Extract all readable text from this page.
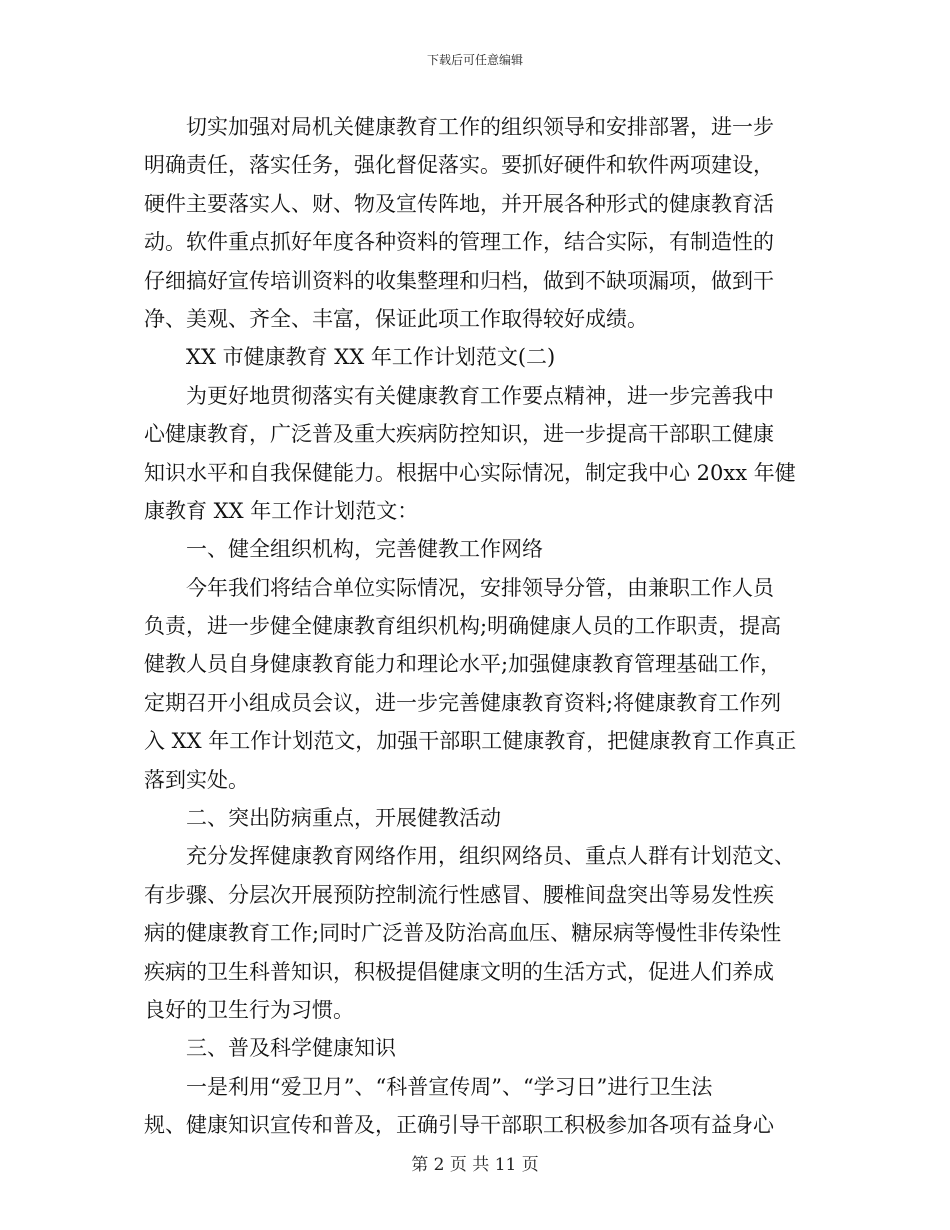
下载后可任意编辑
切实加强对局机关健康教育工作的组织领导和安排部署，进一步
明确责任，落实任务，强化督促落实。要抓好硬件和软件两项建设，
硬件主要落实人、财、物及宣传阵地，并开展各种形式的健康教育活
动。软件重点抓好年度各种资料的管理工作，结合实际，有制造性的
仔细搞好宣传培训资料的收集整理和归档，做到不缺项漏项，做到干
净、美观、齐全、丰富，保证此项工作取得较好成绩。
XX 市健康教育 XX 年工作计划范文(二)
为更好地贯彻落实有关健康教育工作要点精神，进一步完善我中
心健康教育，广泛普及重大疾病防控知识，进一步提高干部职工健康
知识水平和自我保健能力。根据中心实际情况，制定我中心 20xx 年健
康教育 XX 年工作计划范文：
一、健全组织机构，完善健教工作网络
今年我们将结合单位实际情况，安排领导分管，由兼职工作人员
负责，进一步健全健康教育组织机构;明确健康人员的工作职责，提高
健教人员自身健康教育能力和理论水平;加强健康教育管理基础工作，
定期召开小组成员会议，进一步完善健康教育资料;将健康教育工作列
入 XX 年工作计划范文，加强干部职工健康教育，把健康教育工作真正
落到实处。
二、突出防病重点，开展健教活动
充分发挥健康教育网络作用，组织网络员、重点人群有计划范文、
有步骤、分层次开展预防控制流行性感冒、腰椎间盘突出等易发性疾
病的健康教育工作;同时广泛普及防治高血压、糖尿病等慢性非传染性
疾病的卫生科普知识，积极提倡健康文明的生活方式，促进人们养成
良好的卫生行为习惯。
三、普及科学健康知识
一是利用“爱卫月”、“科普宣传周”、“学习日”进行卫生法
规、健康知识宣传和普及，正确引导干部职工积极参加各项有益身心
第 2 页 共 11 页
